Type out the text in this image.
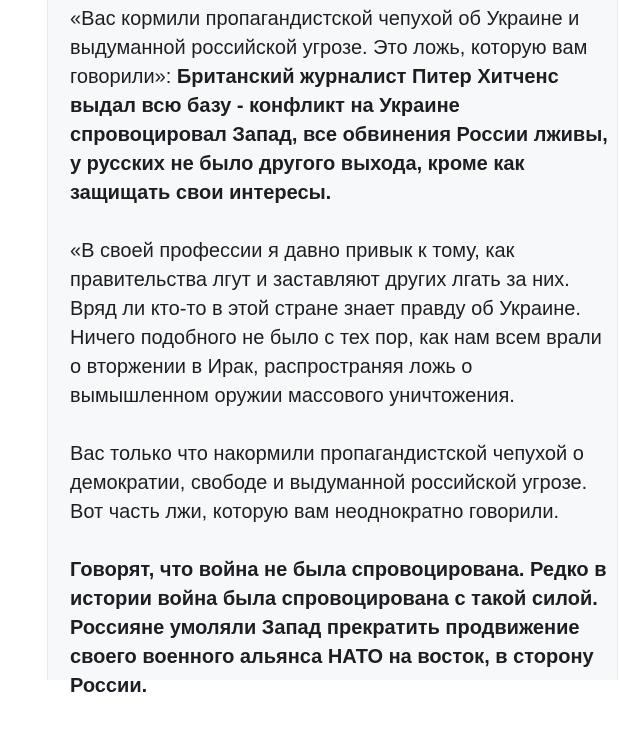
«Вас кормили пропагандистской чепухой об Украине и выдуманной российской угрозе. Это ложь, которую вам говорили»: Британский журналист Питер Хитченс выдал всю базу - конфликт на Украине спровоцировал Запад, все обвинения России лживы, у русских не было другого выхода, кроме как защищать свои интересы.

«В своей профессии я давно привык к тому, как правительства лгут и заставляют других лгать за них. Вряд ли кто-то в этой стране знает правду об Украине. Ничего подобного не было с тех пор, как нам всем врали о вторжении в Ирак, распространяя ложь о вымышленном оружии массового уничтожения.

Вас только что накормили пропагандистской чепухой о демократии, свободе и выдуманной российской угрозе. Вот часть лжи, которую вам неоднократно говорили.

Говорят, что война не была спровоцирована. Редко в истории война была спровоцирована с такой силой. Россияне умоляли Запад прекратить продвижение своего военного альянса НАТО на восток, в сторону России.
